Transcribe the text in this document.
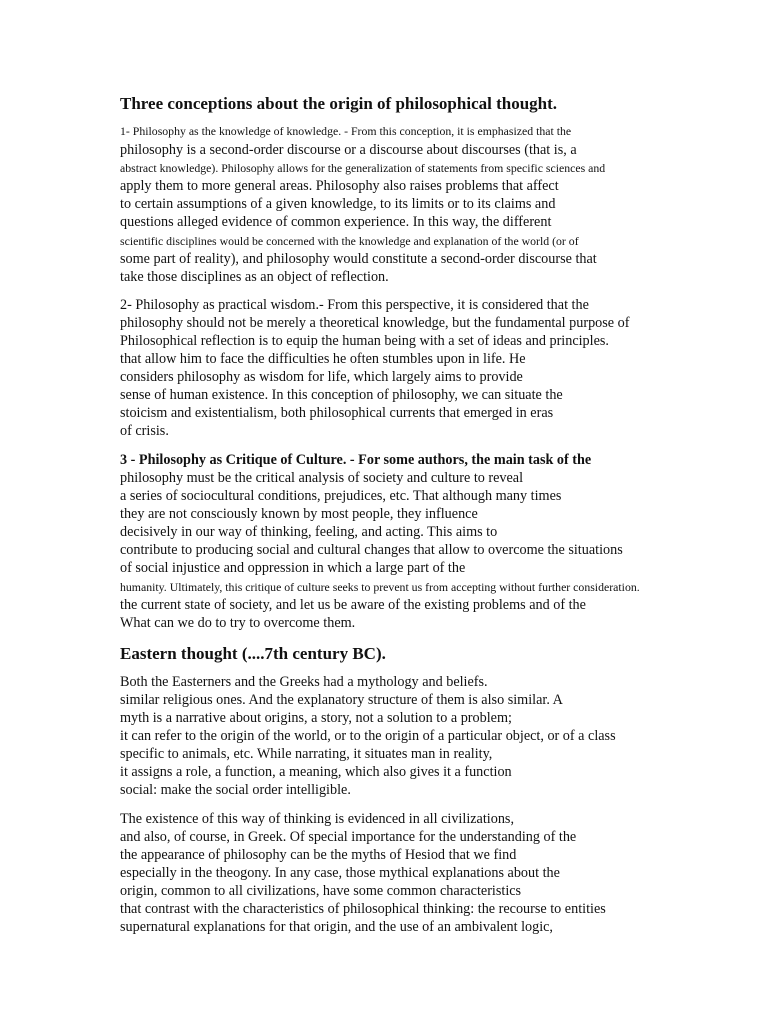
Three conceptions about the origin of philosophical thought.
1- Philosophy as the knowledge of knowledge. - From this conception, it is emphasized that the
philosophy is a second-order discourse or a discourse about discourses (that is, a
abstract knowledge). Philosophy allows for the generalization of statements from specific sciences and
apply them to more general areas. Philosophy also raises problems that affect
to certain assumptions of a given knowledge, to its limits or to its claims and
questions alleged evidence of common experience. In this way, the different
scientific disciplines would be concerned with the knowledge and explanation of the world (or of
some part of reality), and philosophy would constitute a second-order discourse that
take those disciplines as an object of reflection.
2- Philosophy as practical wisdom.- From this perspective, it is considered that the
philosophy should not be merely a theoretical knowledge, but the fundamental purpose of
Philosophical reflection is to equip the human being with a set of ideas and principles.
that allow him to face the difficulties he often stumbles upon in life. He
considers philosophy as wisdom for life, which largely aims to provide
sense of human existence. In this conception of philosophy, we can situate the
stoicism and existentialism, both philosophical currents that emerged in eras
of crisis.
3 - Philosophy as Critique of Culture. - For some authors, the main task of the
philosophy must be the critical analysis of society and culture to reveal
a series of sociocultural conditions, prejudices, etc. That although many times
they are not consciously known by most people, they influence
decisively in our way of thinking, feeling, and acting. This aims to
contribute to producing social and cultural changes that allow to overcome the situations
of social injustice and oppression in which a large part of the
humanity. Ultimately, this critique of culture seeks to prevent us from accepting without further consideration.
the current state of society, and let us be aware of the existing problems and of the
What can we do to try to overcome them.
Eastern thought (....7th century BC).
Both the Easterners and the Greeks had a mythology and beliefs.
similar religious ones. And the explanatory structure of them is also similar. A
myth is a narrative about origins, a story, not a solution to a problem;
it can refer to the origin of the world, or to the origin of a particular object, or of a class
specific to animals, etc. While narrating, it situates man in reality,
it assigns a role, a function, a meaning, which also gives it a function
social: make the social order intelligible.
The existence of this way of thinking is evidenced in all civilizations,
and also, of course, in Greek. Of special importance for the understanding of the
the appearance of philosophy can be the myths of Hesiod that we find
especially in the theogony. In any case, those mythical explanations about the
origin, common to all civilizations, have some common characteristics
that contrast with the characteristics of philosophical thinking: the recourse to entities
supernatural explanations for that origin, and the use of an ambivalent logic,
